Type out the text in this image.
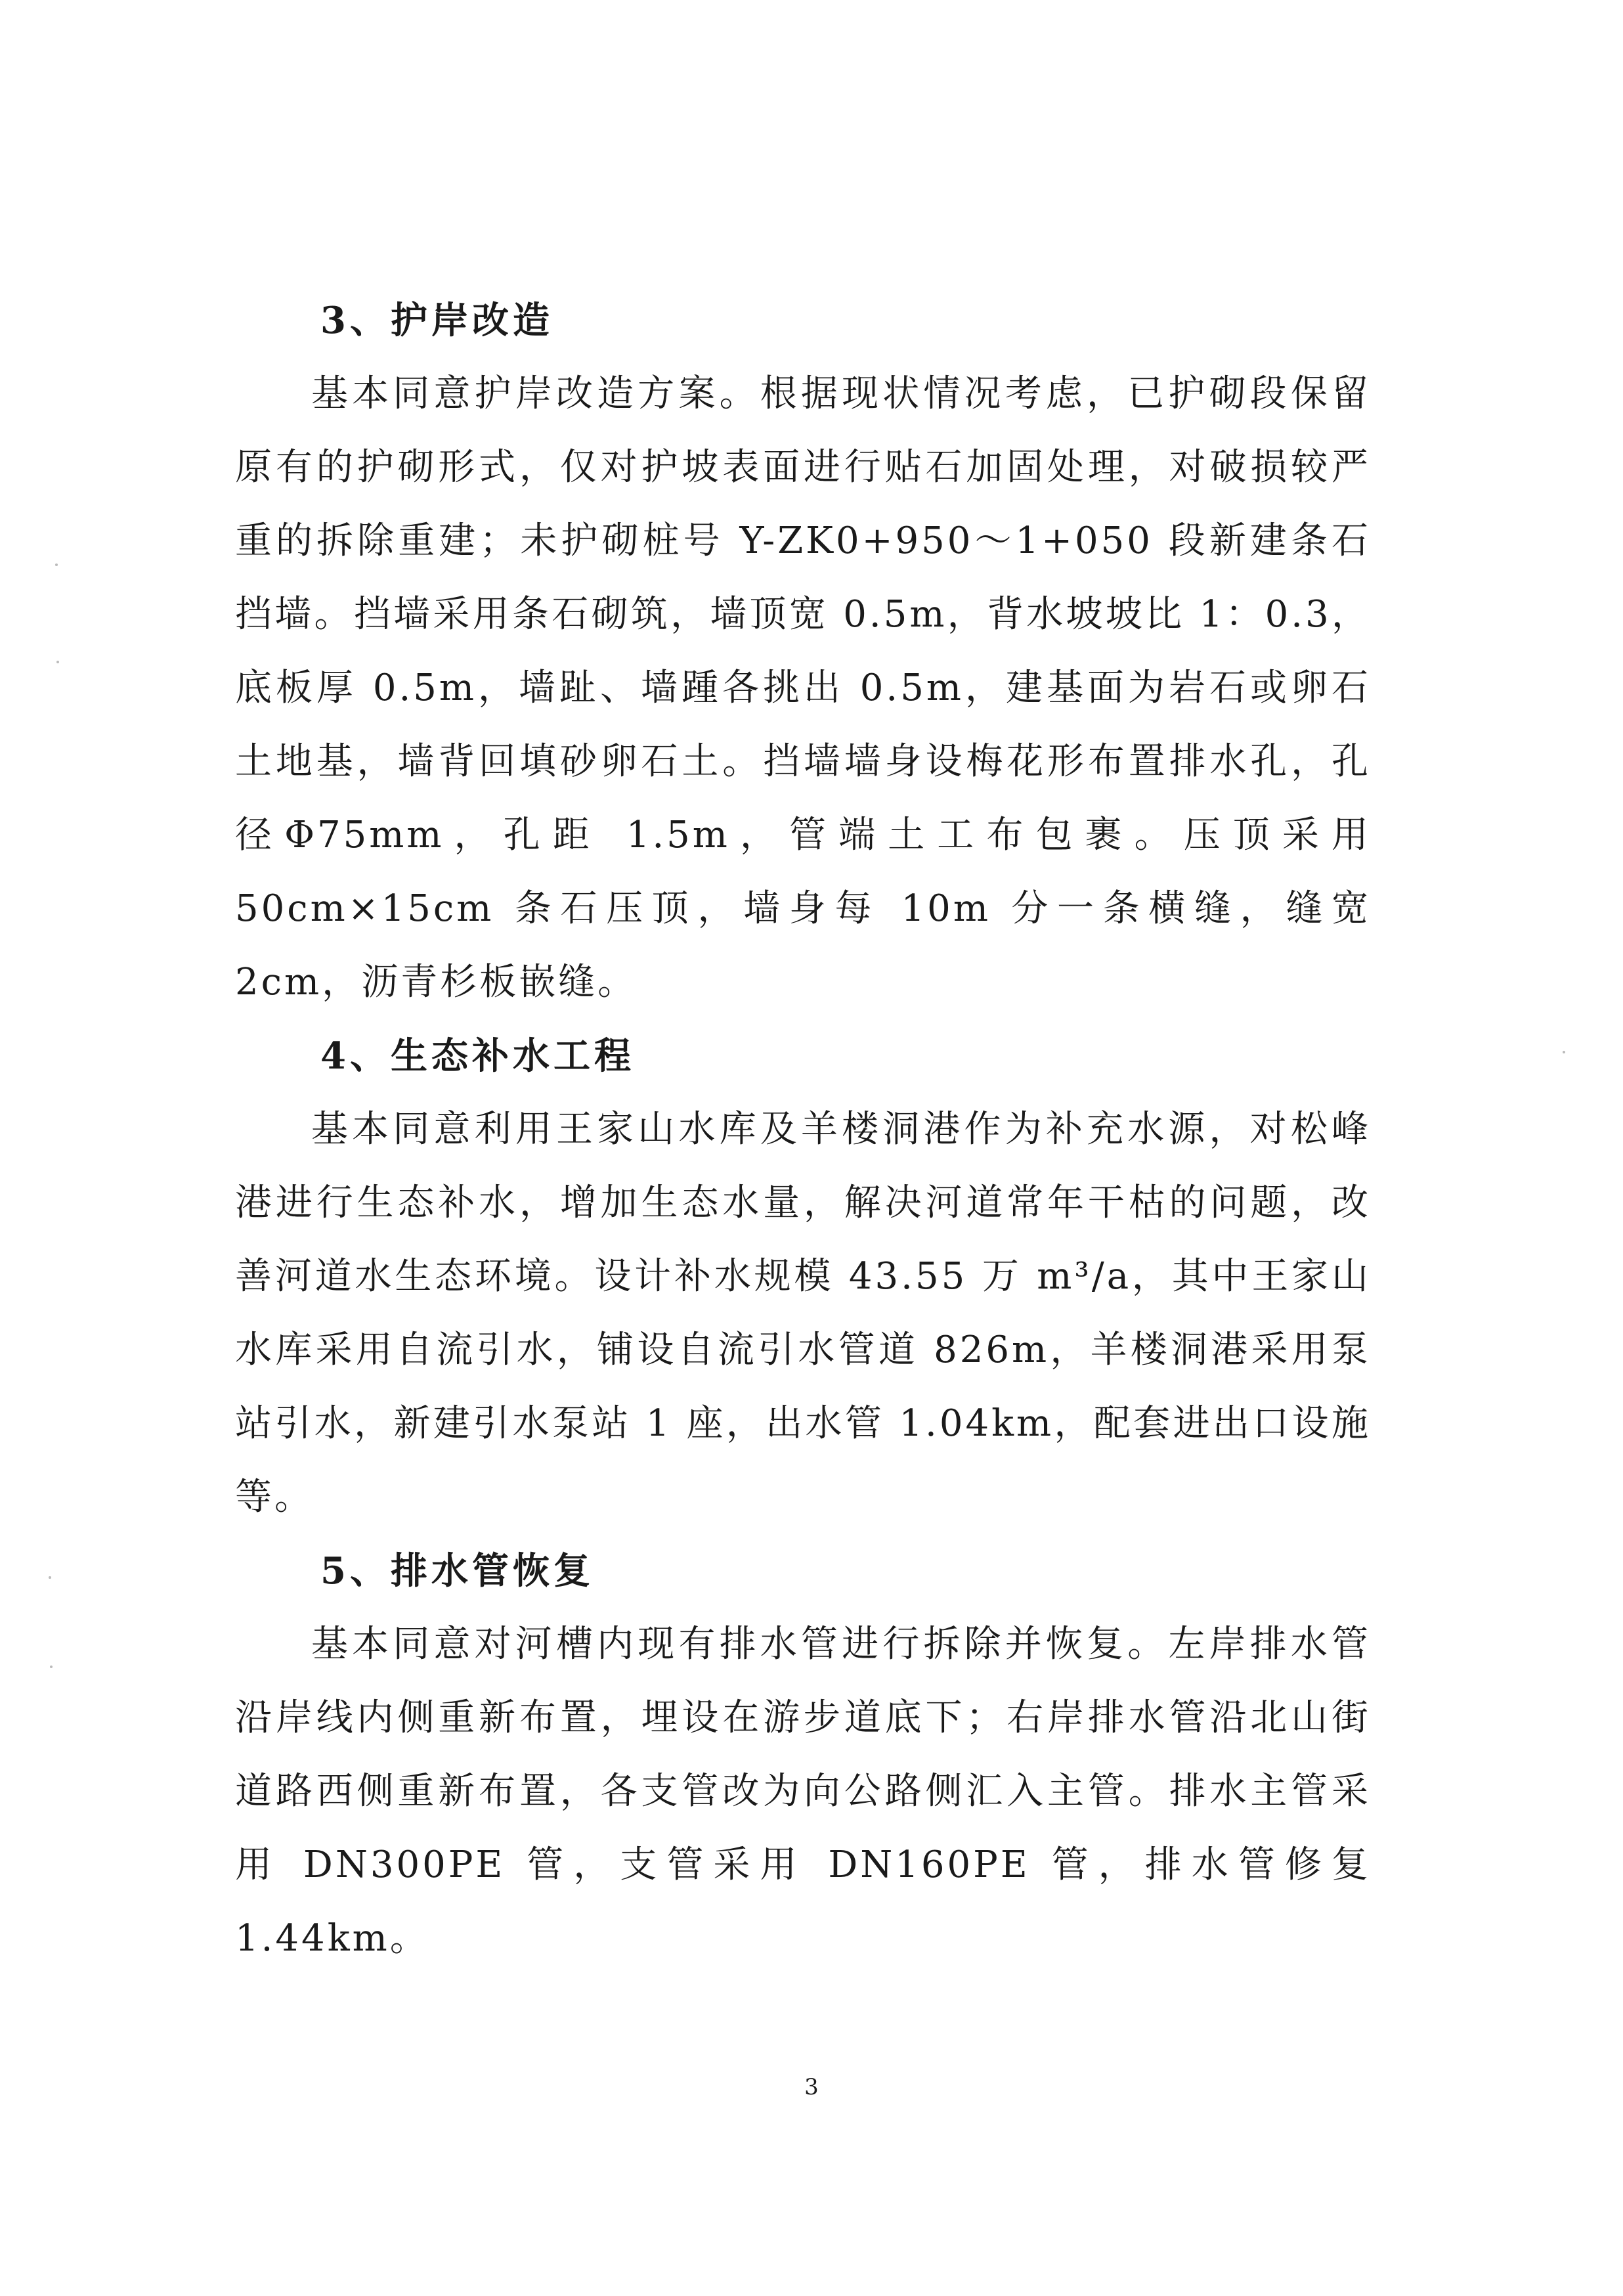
3、护岸改造

基本同意护岸改造方案。根据现状情况考虑，已护砌段保留原有的护砌形式，仅对护坡表面进行贴石加固处理，对破损较严重的拆除重建；未护砌桩号 Y-ZK0+950～1+050 段新建条石挡墙。挡墙采用条石砌筑，墙顶宽 0.5m，背水坡坡比 1：0.3，底板厚 0.5m，墙趾、墙踵各挑出 0.5m，建基面为岩石或卵石土地基，墙背回填砂卵石土。挡墙墙身设梅花形布置排水孔，孔径Φ75mm，孔距 1.5m，管端土工布包裹。压顶采用 50cm×15cm 条石压顶，墙身每 10m 分一条横缝，缝宽 2cm，沥青杉板嵌缝。

4、生态补水工程

基本同意利用王家山水库及羊楼洞港作为补充水源，对松峰港进行生态补水，增加生态水量，解决河道常年干枯的问题，改善河道水生态环境。设计补水规模 43.55 万 m³/a，其中王家山水库采用自流引水，铺设自流引水管道 826m，羊楼洞港采用泵站引水，新建引水泵站 1 座，出水管 1.04km，配套进出口设施等。

5、排水管恢复

基本同意对河槽内现有排水管进行拆除并恢复。左岸排水管沿岸线内侧重新布置，埋设在游步道底下；右岸排水管沿北山街道路西侧重新布置，各支管改为向公路侧汇入主管。排水主管采用 DN300PE 管，支管采用 DN160PE 管，排水管修复 1.44km。

3
